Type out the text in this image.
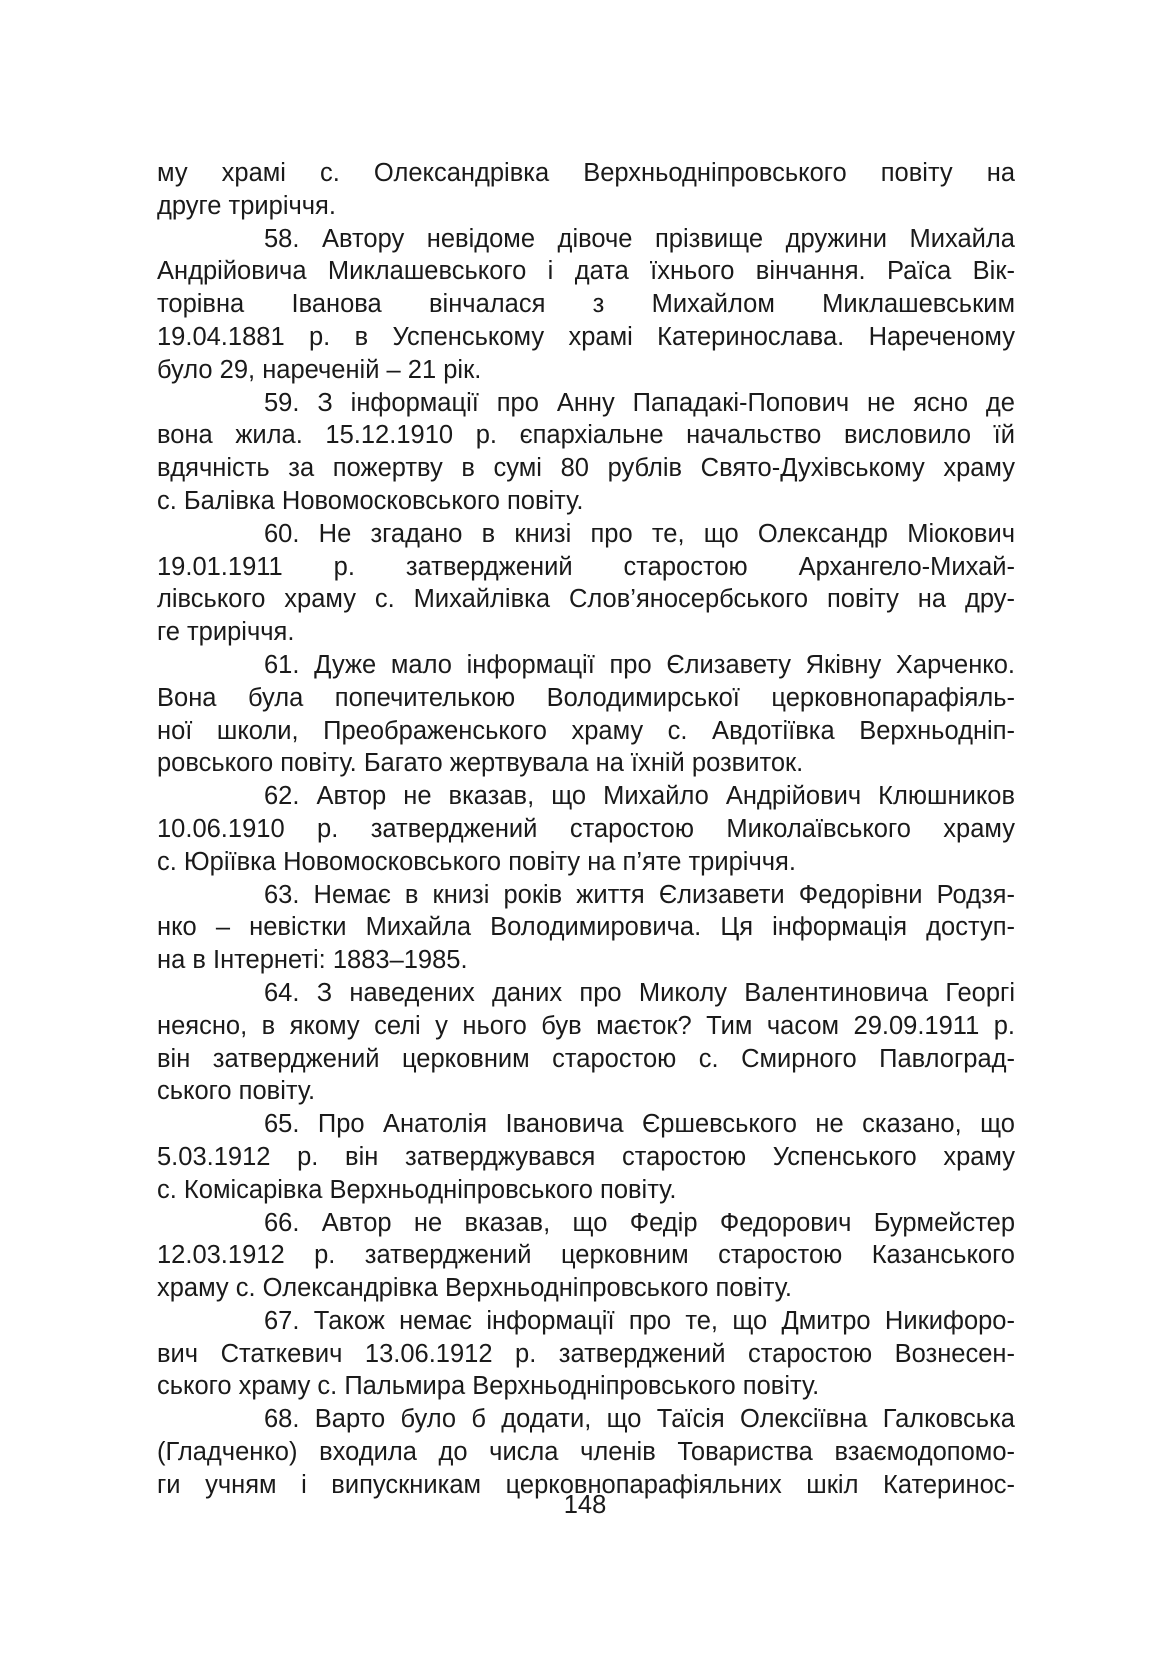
му храмі с. Олександрівка Верхньодніпровського повіту на
друге триріччя.
58. Автору невідоме дівоче прізвище дружини Михайла
Андрійовича Миклашевського і дата їхнього вінчання. Раїса Вік-
торівна Іванова вінчалася з Михайлом Миклашевським
19.04.1881 р. в Успенському храмі Катеринослава. Нареченому
було 29, нареченій – 21 рік.
59. З інформації про Анну Пападакі-Попович не ясно де
вона жила. 15.12.1910 р. єпархіальне начальство висловило їй
вдячність за пожертву в сумі 80 рублів Свято-Духівському храму
с. Балівка Новомосковського повіту.
60. Не згадано в книзі про те, що Олександр Міокович
19.01.1911 р. затверджений старостою Архангело-Михай-
лівського храму с. Михайлівка Слов’яносербського повіту на дру-
ге триріччя.
61. Дуже мало інформації про Єлизавету Яківну Харченко.
Вона була попечителькою Володимирської церковнопарафіяль-
ної школи, Преображенського храму с. Авдотіївка Верхньодніп-
ровського повіту. Багато жертвувала на їхній розвиток.
62. Автор не вказав, що Михайло Андрійович Клюшников
10.06.1910 р. затверджений старостою Миколаївського храму
с. Юріївка Новомосковського повіту на п’яте триріччя.
63. Немає в книзі років життя Єлизавети Федорівни Родзя-
нко – невістки Михайла Володимировича. Ця інформація доступ-
на в Інтернеті: 1883–1985.
64. З наведених даних про Миколу Валентиновича Георгі
неясно, в якому селі у нього був маєток? Тим часом 29.09.1911 р.
він затверджений церковним старостою с. Смирного Павлоград-
ського повіту.
65. Про Анатолія Івановича Єршевського не сказано, що
5.03.1912 р. він затверджувався старостою Успенського храму
с. Комісарівка Верхньодніпровського повіту.
66. Автор не вказав, що Федір Федорович Бурмейстер
12.03.1912 р. затверджений церковним старостою Казанського
храму с. Олександрівка Верхньодніпровського повіту.
67. Також немає інформації про те, що Дмитро Никифоро-
вич Статкевич 13.06.1912 р. затверджений старостою Вознесен-
ського храму с. Пальмира Верхньодніпровського повіту.
68. Варто було б додати, що Таїсія Олексіївна Галковська
(Гладченко) входила до числа членів Товариства взаємодопомо-
ги учням і випускникам церковнопарафіяльних шкіл Катеринос-
148
